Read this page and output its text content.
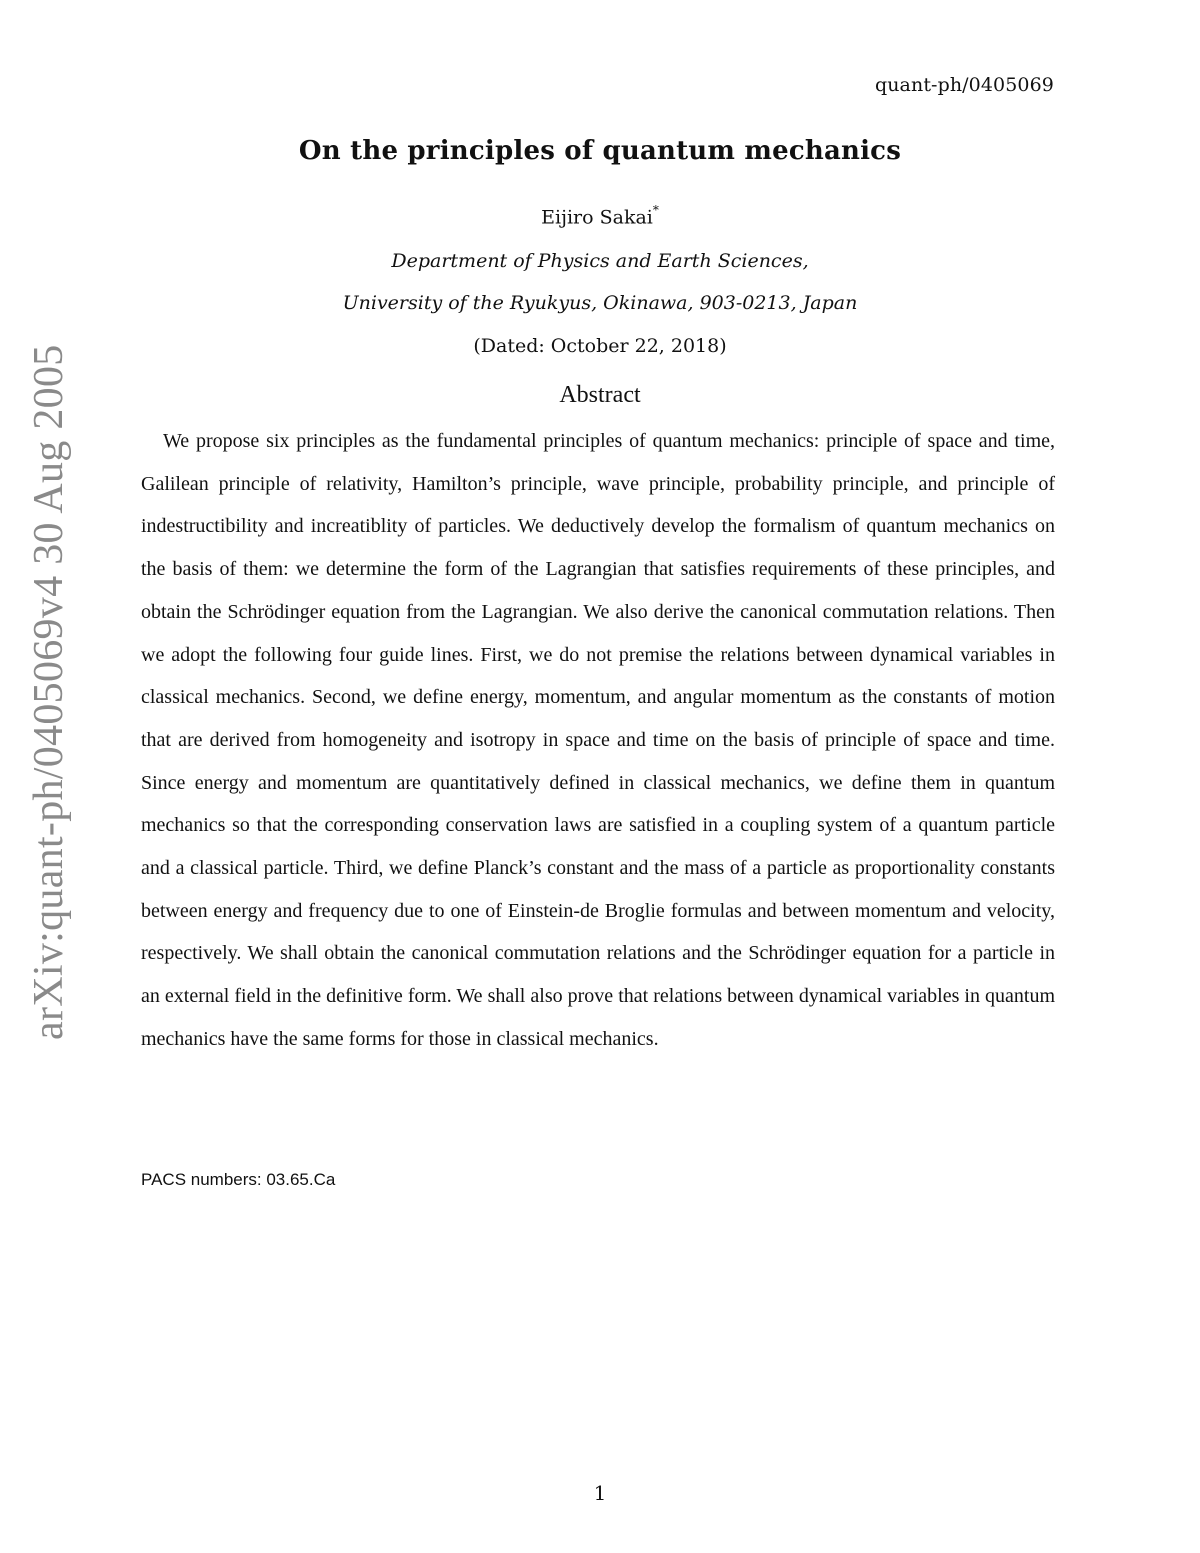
quant-ph/0405069
arXiv:quant-ph/0405069v4 30 Aug 2005
On the principles of quantum mechanics
Eijiro Sakai*
Department of Physics and Earth Sciences,
University of the Ryukyus, Okinawa, 903-0213, Japan
(Dated: October 22, 2018)
Abstract

We propose six principles as the fundamental principles of quantum mechanics: principle of space and time, Galilean principle of relativity, Hamilton’s principle, wave principle, probability principle, and principle of indestructibility and increatiblity of particles. We deductively develop the formalism of quantum mechanics on the basis of them: we determine the form of the Lagrangian that satisfies requirements of these principles, and obtain the Schrödinger equation from the Lagrangian. We also derive the canonical commutation relations. Then we adopt the following four guide lines. First, we do not premise the relations between dynamical variables in classical mechanics. Second, we define energy, momentum, and angular momentum as the constants of motion that are derived from homogeneity and isotropy in space and time on the basis of principle of space and time. Since energy and momentum are quantitatively defined in classical mechanics, we define them in quantum mechanics so that the corresponding conservation laws are satisfied in a coupling system of a quantum particle and a classical particle. Third, we define Planck’s constant and the mass of a particle as proportionality constants between energy and frequency due to one of Einstein-de Broglie formulas and between momentum and velocity, respectively. We shall obtain the canonical commutation relations and the Schrödinger equation for a particle in an external field in the definitive form. We shall also prove that relations between dynamical variables in quantum mechanics have the same forms for those in classical mechanics.

PACS numbers: 03.65.Ca
1
